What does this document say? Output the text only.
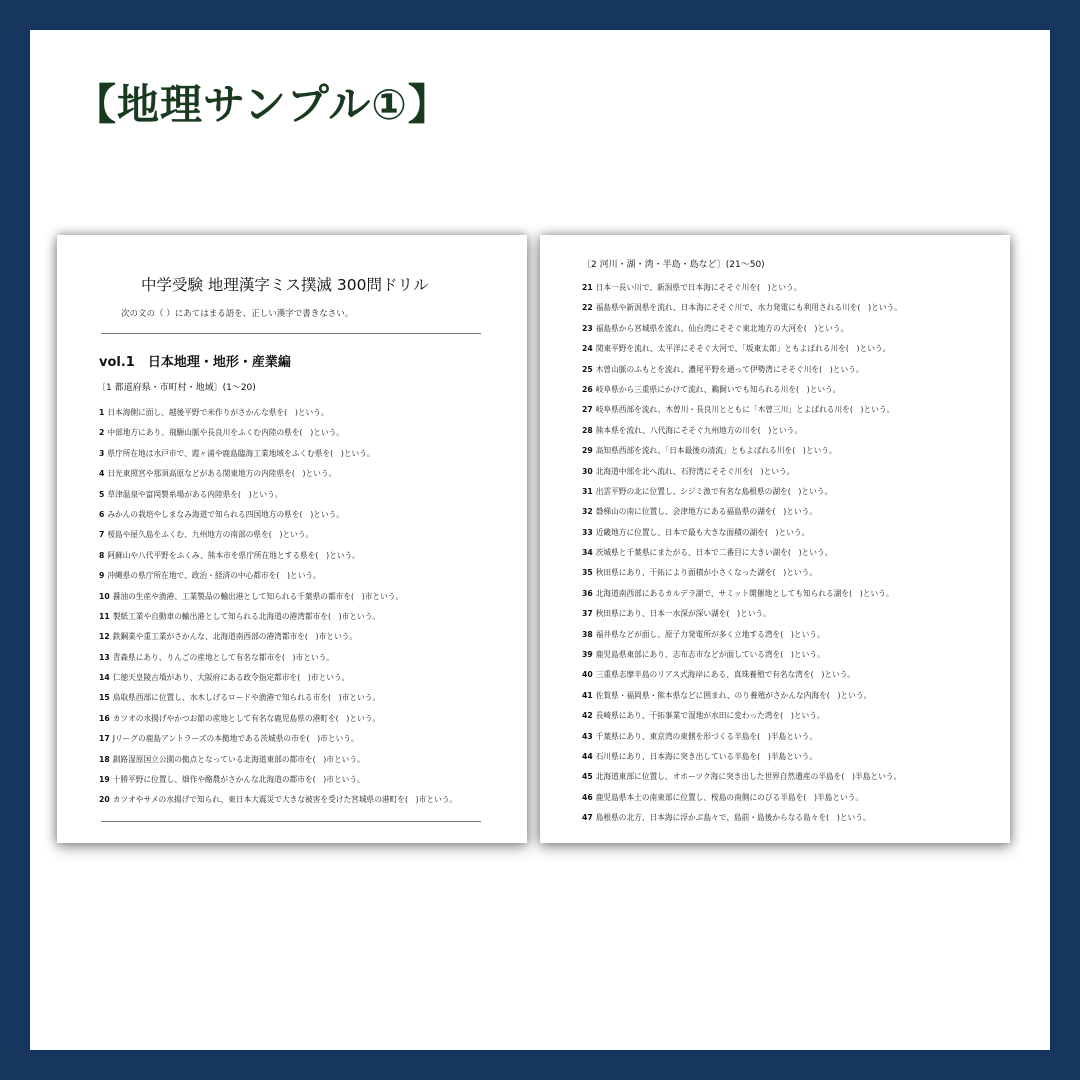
【地理サンプル①】
中学受験 地理漢字ミス撲滅 300問ドリル
次の文の（ ）にあてはまる語を、正しい漢字で書きなさい。
vol.1　日本地理・地形・産業編
〔1 都道府県・市町村・地域〕(1〜20)
1 日本海側に面し、越後平野で米作りがさかんな県を(　)という。
2 中部地方にあり、飛騨山脈や長良川をふくむ内陸の県を(　)という。
3 県庁所在地は水戸市で、霞ヶ浦や鹿島臨海工業地域をふくむ県を(　)という。
4 日光東照宮や那須高原などがある関東地方の内陸県を(　)という。
5 草津温泉や富岡製糸場がある内陸県を(　)という。
6 みかんの栽培やしまなみ海道で知られる四国地方の県を(　)という。
7 桜島や屋久島をふくむ、九州地方の南部の県を(　)という。
8 阿蘇山や八代平野をふくみ、熊本市を県庁所在地とする県を(　)という。
9 沖縄県の県庁所在地で、政治・経済の中心都市を(　)という。
10 醤油の生産や漁港、工業製品の輸出港として知られる千葉県の都市を(　)市という。
11 製紙工業や自動車の輸出港として知られる北海道の港湾都市を(　)市という。
12 鉄鋼業や重工業がさかんな、北海道南西部の港湾都市を(　)市という。
13 青森県にあり、りんごの産地として有名な都市を(　)市という。
14 仁徳天皇陵古墳があり、大阪府にある政令指定都市を(　)市という。
15 鳥取県西部に位置し、水木しげるロードや漁港で知られる市を(　)市という。
16 カツオの水揚げやかつお節の産地として有名な鹿児島県の港町を(　)という。
17 Jリーグの鹿島アントラーズの本拠地である茨城県の市を(　)市という。
18 釧路湿原国立公園の拠点となっている北海道東部の都市を(　)市という。
19 十勝平野に位置し、畑作や酪農がさかんな北海道の都市を(　)市という。
20 カツオやサメの水揚げで知られ、東日本大震災で大きな被害を受けた宮城県の港町を(　)市という。
〔2 河川・湖・湾・半島・島など〕(21〜50)
21 日本一長い川で、新潟県で日本海にそそぐ川を(　)という。
22 福島県や新潟県を流れ、日本海にそそぐ川で、水力発電にも利用される川を(　)という。
23 福島県から宮城県を流れ、仙台湾にそそぐ東北地方の大河を(　)という。
24 関東平野を流れ、太平洋にそそぐ大河で、「坂東太郎」ともよばれる川を(　)という。
25 木曽山脈のふもとを流れ、濃尾平野を通って伊勢湾にそそぐ川を(　)という。
26 岐阜県から三重県にかけて流れ、鵜飼いでも知られる川を(　)という。
27 岐阜県西部を流れ、木曽川・長良川とともに「木曽三川」とよばれる川を(　)という。
28 熊本県を流れ、八代海にそそぐ九州地方の川を(　)という。
29 高知県西部を流れ、「日本最後の清流」ともよばれる川を(　)という。
30 北海道中部を北へ流れ、石狩湾にそそぐ川を(　)という。
31 出雲平野の北に位置し、シジミ漁で有名な島根県の湖を(　)という。
32 磐梯山の南に位置し、会津地方にある福島県の湖を(　)という。
33 近畿地方に位置し、日本で最も大きな面積の湖を(　)という。
34 茨城県と千葉県にまたがる、日本で二番目に大きい湖を(　)という。
35 秋田県にあり、干拓により面積が小さくなった湖を(　)という。
36 北海道南西部にあるカルデラ湖で、サミット開催地としても知られる湖を(　)という。
37 秋田県にあり、日本一水深が深い湖を(　)という。
38 福井県などが面し、原子力発電所が多く立地する湾を(　)という。
39 鹿児島県東部にあり、志布志市などが面している湾を(　)という。
40 三重県志摩半島のリアス式海岸にある、真珠養殖で有名な湾を(　)という。
41 佐賀県・福岡県・熊本県などに囲まれ、のり養殖がさかんな内海を(　)という。
42 長崎県にあり、干拓事業で湿地が水田に変わった湾を(　)という。
43 千葉県にあり、東京湾の東側を形づくる半島を(　)半島という。
44 石川県にあり、日本海に突き出している半島を(　)半島という。
45 北海道東部に位置し、オホーツク海に突き出した世界自然遺産の半島を(　)半島という。
46 鹿児島県本土の南東部に位置し、桜島の南側にのびる半島を(　)半島という。
47 島根県の北方、日本海に浮かぶ島々で、島前・島後からなる島々を(　)という。
